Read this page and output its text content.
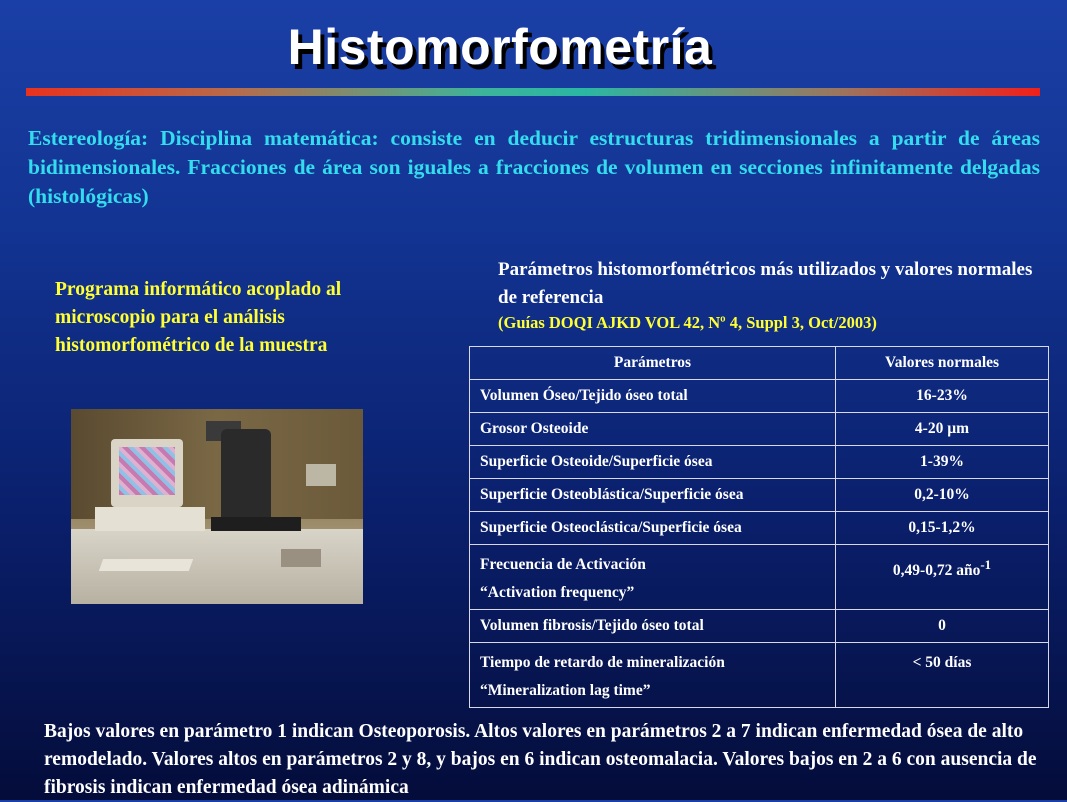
Histomorfometría
Estereología: Disciplina matemática: consiste en deducir estructuras tridimensionales a partir de áreas bidimensionales. Fracciones de área son iguales a fracciones de volumen en secciones infinitamente delgadas (histológicas)
Programa informático acoplado al microscopio para el análisis histomorfométrico de la muestra
Parámetros histomorfométricos más utilizados y valores normales de referencia
(Guías DOQI AJKD VOL 42, Nº 4, Suppl 3, Oct/2003)
Parámetros	Valores normales
Volumen Óseo/Tejido óseo total	16-23%
Grosor Osteoide	4-20 µm
Superficie Osteoide/Superficie ósea	1-39%
Superficie Osteoblástica/Superficie ósea	0,2-10%
Superficie Osteoclástica/Superficie ósea	0,15-1,2%

Frecuencia de Activación
“Activation frequency”	0,49-0,72 año$^{-1}$
Volumen fibrosis/Tejido óseo total	0

Tiempo de retardo de mineralización
“Mineralization lag time”	< 50 días
Bajos valores en parámetro 1 indican Osteoporosis. Altos valores en parámetros 2 a 7 indican enfermedad ósea de alto remodelado. Valores altos en parámetros 2 y 8, y bajos en 6 indican osteomalacia. Valores bajos en 2 a 6 con ausencia de fibrosis indican enfermedad ósea adinámica
